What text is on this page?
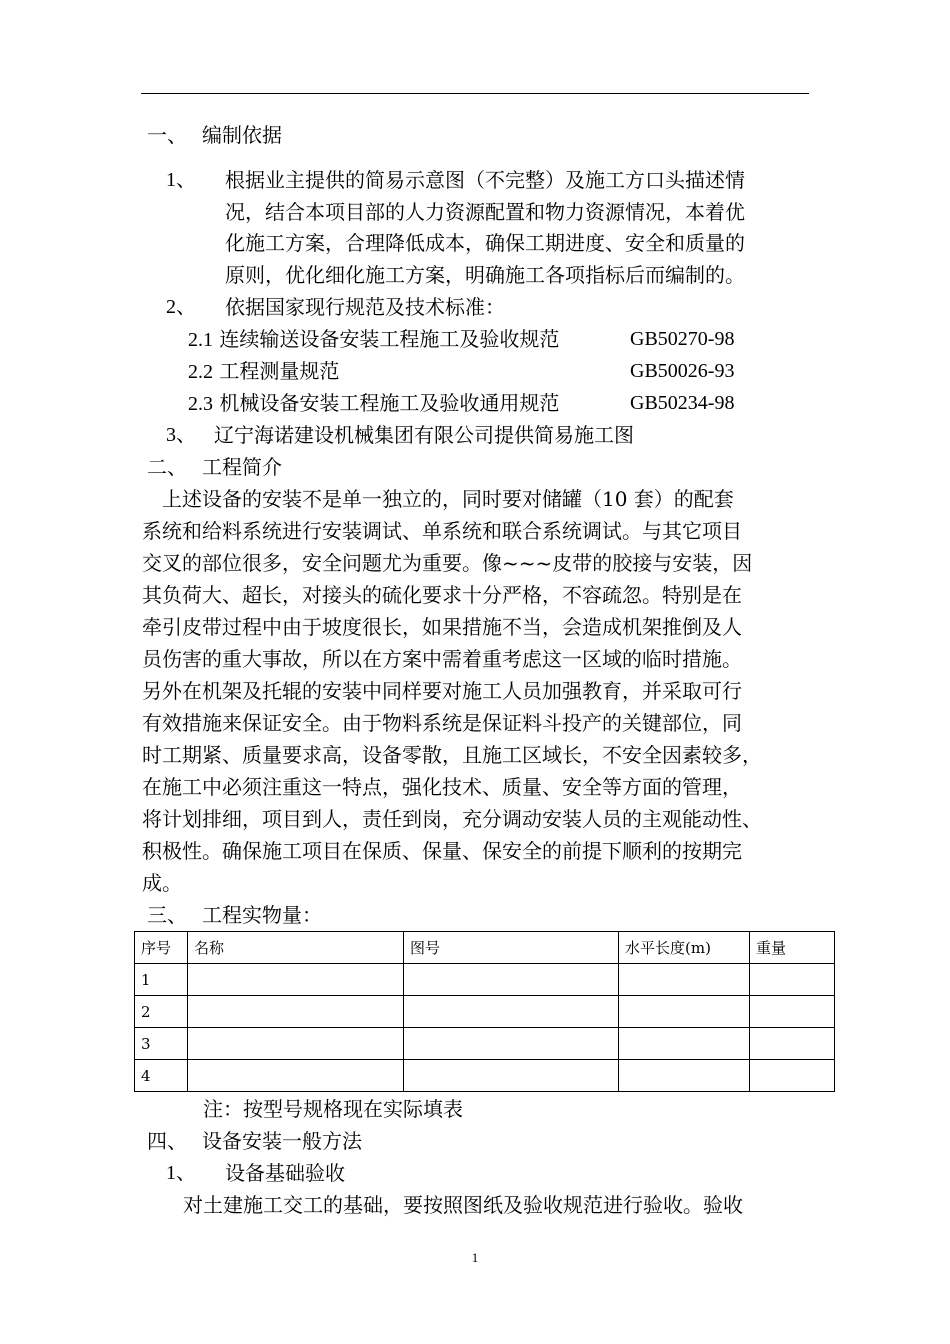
一、 编制依据
1、 根据业主提供的简易示意图（不完整）及施工方口头描述情
况，结合本项目部的人力资源配置和物力资源情况，本着优
化施工方案，合理降低成本，确保工期进度、安全和质量的
原则，优化细化施工方案，明确施工各项指标后而编制的。
2、 依据国家现行规范及技术标准：
2.1 连续输送设备安装工程施工及验收规范	GB50270-98
2.2 工程测量规范	GB50026-93
2.3 机械设备安装工程施工及验收通用规范	GB50234-98
3、 辽宁海诺建设机械集团有限公司提供简易施工图
二、 工程简介
上述设备的安装不是单一独立的，同时要对储罐（10 套）的配套
系统和给料系统进行安装调试、单系统和联合系统调试。与其它项目
交叉的部位很多，安全问题尤为重要。像~~~皮带的胶接与安装，因
其负荷大、超长，对接头的硫化要求十分严格，不容疏忽。特别是在
牵引皮带过程中由于坡度很长，如果措施不当，会造成机架推倒及人
员伤害的重大事故，所以在方案中需着重考虑这一区域的临时措施。
另外在机架及托辊的安装中同样要对施工人员加强教育，并采取可行
有效措施来保证安全。由于物料系统是保证料斗投产的关键部位，同
时工期紧、质量要求高，设备零散，且施工区域长，不安全因素较多，
在施工中必须注重这一特点，强化技术、质量、安全等方面的管理，
将计划排细，项目到人，责任到岗，充分调动安装人员的主观能动性、
积极性。确保施工项目在保质、保量、保安全的前提下顺利的按期完
成。
三、 工程实物量：
序号	名称	图号	水平长度(m)	重量
1				
2				
3				
4				
注：按型号规格现在实际填表
四、 设备安装一般方法
1、 设备基础验收
对土建施工交工的基础，要按照图纸及验收规范进行验收。验收
1
